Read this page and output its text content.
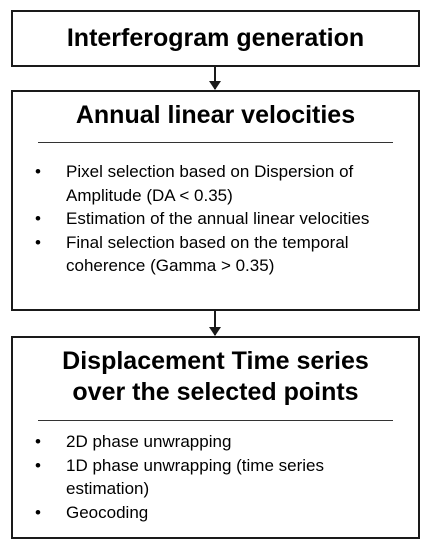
Interferogram generation
Annual linear velocities
• Pixel selection based on Dispersion of Amplitude (DA < 0.35)
• Estimation of the annual linear velocities
• Final selection based on the temporal coherence (Gamma > 0.35)
Displacement Time series
over the selected points
• 2D phase unwrapping
• 1D phase unwrapping (time series estimation)
• Geocoding
